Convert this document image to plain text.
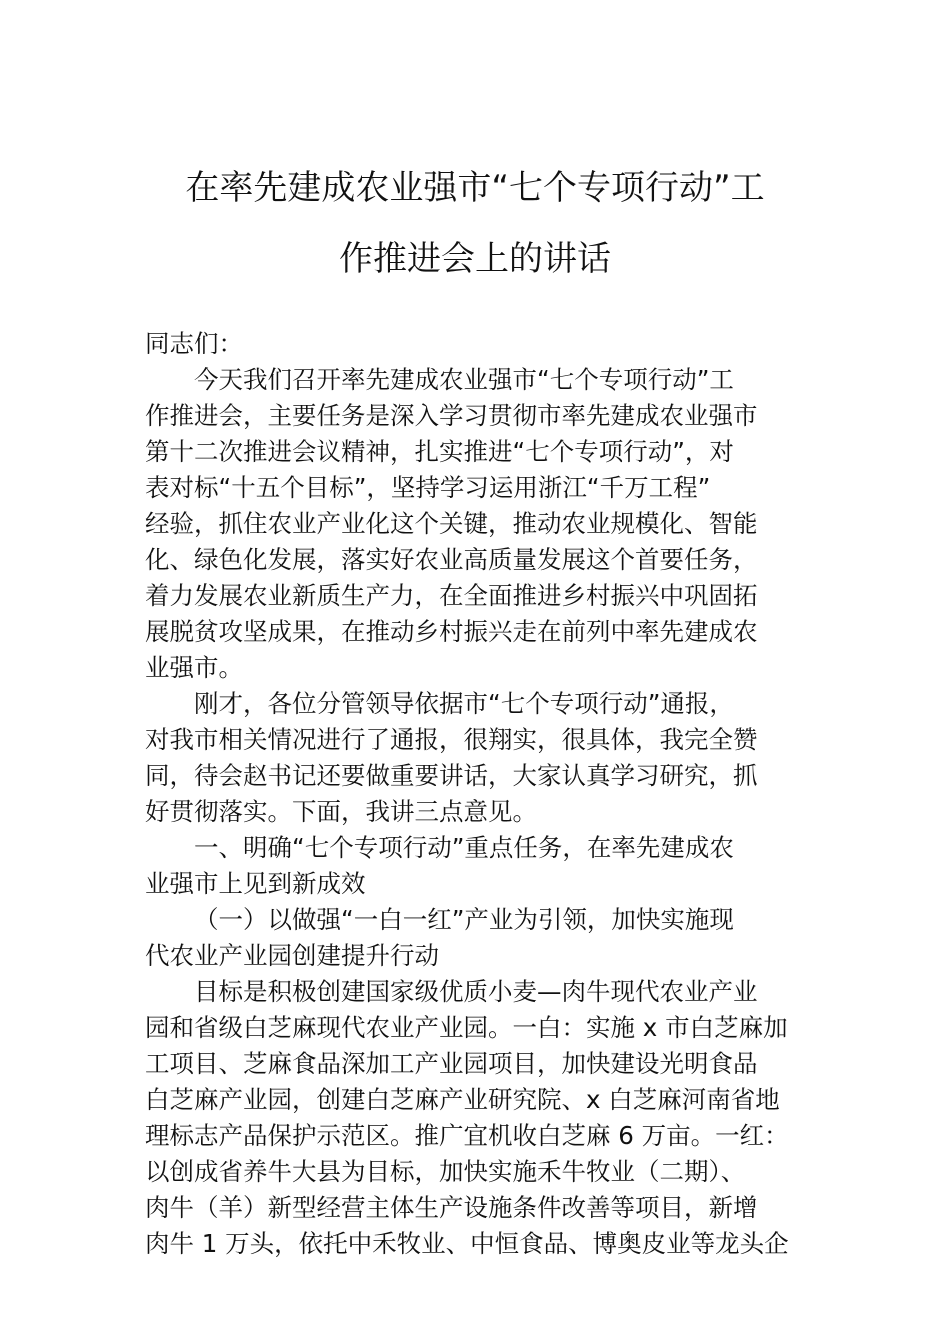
在率先建成农业强市“七个专项行动”工
作推进会上的讲话

同志们：

今天我们召开率先建成农业强市“七个专项行动”工

作推进会，主要任务是深入学习贯彻市率先建成农业强市

第十二次推进会议精神，扎实推进“七个专项行动”，对

表对标“十五个目标”，坚持学习运用浙江“千万工程”

经验，抓住农业产业化这个关键，推动农业规模化、智能

化、绿色化发展，落实好农业高质量发展这个首要任务，

着力发展农业新质生产力，在全面推进乡村振兴中巩固拓

展脱贫攻坚成果，在推动乡村振兴走在前列中率先建成农

业强市。

刚才，各位分管领导依据市“七个专项行动”通报，

对我市相关情况进行了通报，很翔实，很具体，我完全赞

同，待会赵书记还要做重要讲话，大家认真学习研究，抓

好贯彻落实。下面，我讲三点意见。

一、明确“七个专项行动”重点任务，在率先建成农

业强市上见到新成效

（一）以做强“一白一红”产业为引领，加快实施现

代农业产业园创建提升行动

目标是积极创建国家级优质小麦—肉牛现代农业产业

园和省级白芝麻现代农业产业园。一白：实施 x 市白芝麻加

工项目、芝麻食品深加工产业园项目，加快建设光明食品

白芝麻产业园，创建白芝麻产业研究院、x 白芝麻河南省地

理标志产品保护示范区。推广宜机收白芝麻 6 万亩。一红：

以创成省养牛大县为目标，加快实施禾牛牧业（二期）、

肉牛（羊）新型经营主体生产设施条件改善等项目，新增

肉牛 1 万头，依托中禾牧业、中恒食品、博奥皮业等龙头企
